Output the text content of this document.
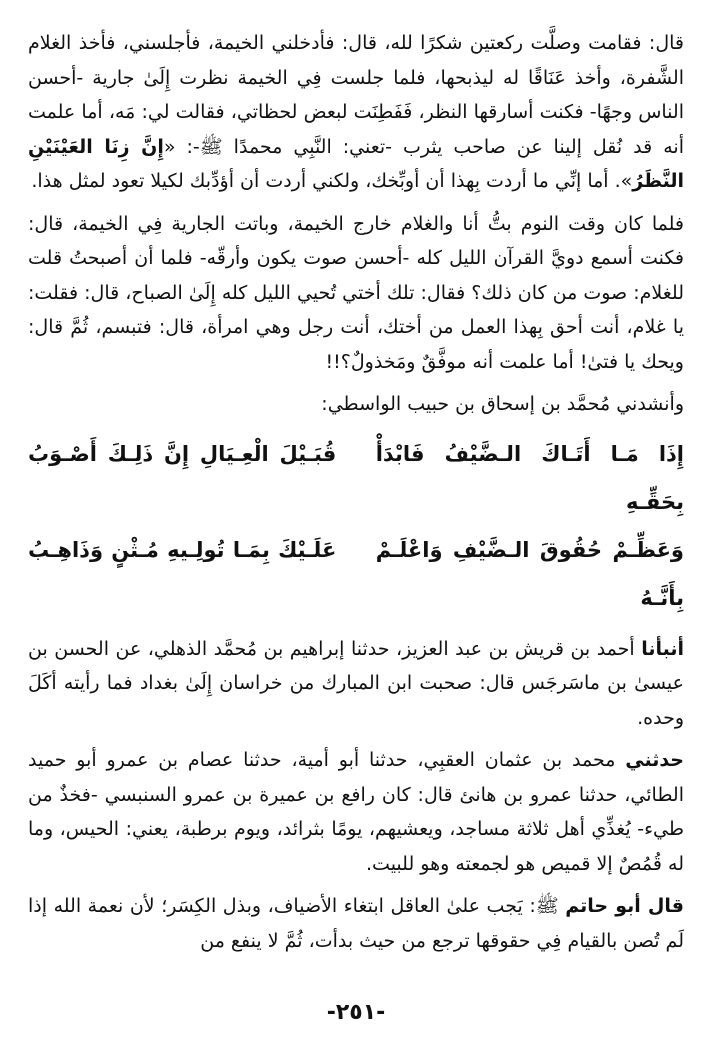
قال: فقامت وصلَّت ركعتين شكرًا لله، قال: فأدخلني الخيمة، فأجلسني، فأخذ الغلام الشَّفرة، وأخذ عَنَاقًا له ليذبحها، فلما جلست فِي الخيمة نظرت إِلَىٰ جارية -أحسن الناس وجهًا- فكنت أسارقها النظر، فَفَطِنَت لبعض لحظاتي، فقالت لي: مَه، أما علمت أنه قد نُقل إلينا عن صاحب يثرب -تعني: النَّبِي محمدًا ﷺ-: «إِنَّ زِنَا العَيْنَيْنِ النَّظَرُ». أما إنِّي ما أردت بِهذا أن أوبِّخك، ولكني أردت أن أؤدِّبك لكيلا تعود لمثل هذا.

فلما كان وقت النوم بتُّ أنا والغلام خارج الخيمة، وباتت الجارية فِي الخيمة، قال: فكنت أسمع دويَّ القرآن الليل كله -أحسن صوت يكون وأرقّه- فلما أن أصبحتُ قلت للغلام: صوت من كان ذلك؟ فقال: تلك أختي تُحيي الليل كله إِلَىٰ الصباح، قال: فقلت: يا غلام، أنت أحق بِهذا العمل من أختك، أنت رجل وهي امرأة، قال: فتبسم، ثُمَّ قال: ويحك يا فتىٰ! أما علمت أنه موفَّقٌ ومَخذولٌ؟!!

وأنشدني مُحمَّد بن إسحاق بن حبيب الواسطي:

إِذَا مَـا أَتَـاكَ الـضَّيْفُ فَابْدَأْ بِحَقِّـهِ
قُبَـيْلَ الْعِـيَالِ إِنَّ ذَلِـكَ أَصْـوَبُ
وَعَظِّـمْ حُقُوقَ الـضَّيْفِ وَاعْلَـمْ بِأَنَّـهُ
عَلَـيْكَ بِمَـا تُولِـيهِ مُـثْنٍ وَذَاهِـبُ

أنبأنا أحمد بن قريش بن عبد العزيز، حدثنا إبراهيم بن مُحمَّد الذهلي، عن الحسن بن عيسىٰ بن ماسَرجَس قال: صحبت ابن المبارك من خراسان إِلَىٰ بغداد فما رأيته أكَلَ وحده.

حدثني محمد بن عثمان العقبِي، حدثنا أبو أمية، حدثنا عصام بن عمرو أبو حميد الطائي، حدثنا عمرو بن هانئ قال: كان رافع بن عميرة بن عمرو السنبسي -فخذٌ من طيء- يُغذِّي أهل ثلاثة مساجد، ويعشيهم، يومًا بثرائد، ويوم برطبة، يعني: الحيس، وما له قُمُصٌ إلا قميص هو لجمعته وهو للبيت.

قال أبو حاتم ﷺ: يَجب علىٰ العاقل ابتغاء الأضياف، وبذل الكِسَر؛ لأن نعمة الله إذا لَم تُصن بالقيام فِي حقوقها ترجع من حيث بدأت، ثُمَّ لا ينفع من

-٢٥١-
